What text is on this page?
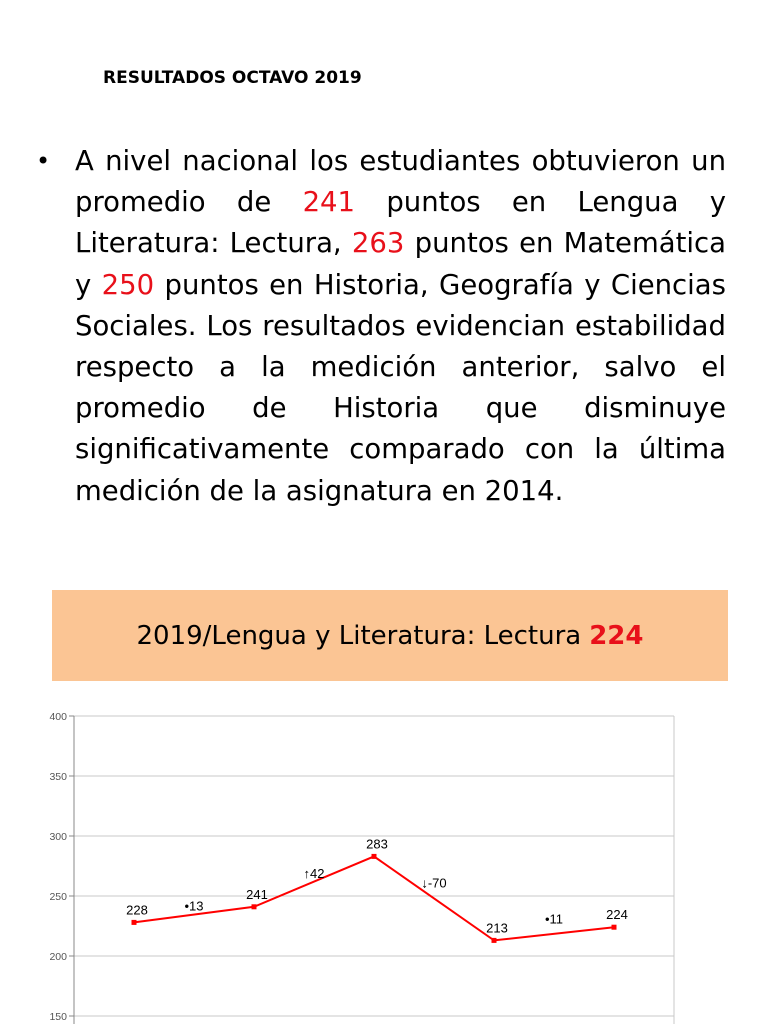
RESULTADOS OCTAVO 2019
• A nivel nacional los estudiantes obtuvieron un promedio de 241 puntos en Lengua y Literatura: Lectura, 263 puntos en Matemática y 250 puntos en Historia, Geografía y Ciencias Sociales. Los resultados evidencian estabilidad respecto a la medición anterior, salvo el promedio de Historia que disminuye significativamente comparado con la última medición de la asignatura en 2014.
2019/Lengua y Literatura: Lectura 224
400
350
300
250
200
150
228
241
283
213
224
•13
↑42
↓-70
•11
